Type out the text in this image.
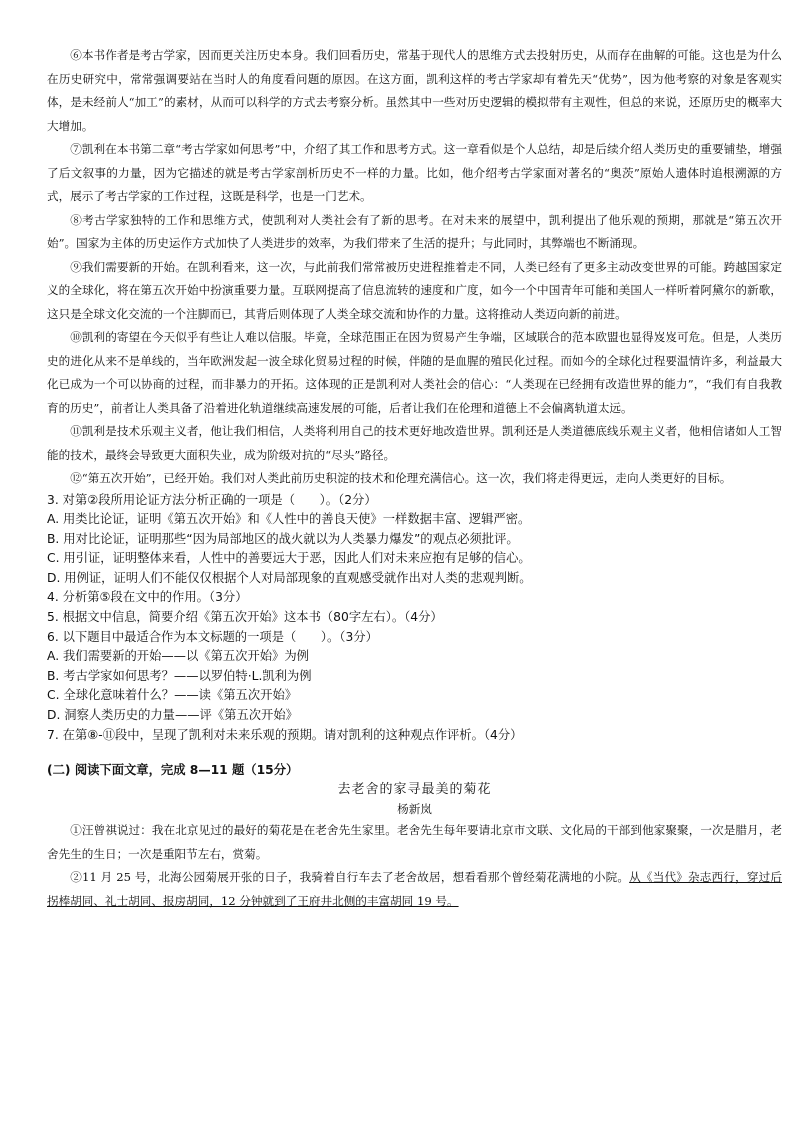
⑥本书作者是考古学家，因而更关注历史本身。我们回看历史，常基于现代人的思维方式去投射历史，从而存在曲解的可能。这也是为什么在历史研究中，常常强调要站在当时人的角度看问题的原因。在这方面，凯利这样的考古学家却有着先天“优势”，因为他考察的对象是客观实体，是未经前人“加工”的素材，从而可以科学的方式去考察分析。虽然其中一些对历史逻辑的模拟带有主观性，但总的来说，还原历史的概率大大增加。

⑦凯利在本书第二章“考古学家如何思考”中，介绍了其工作和思考方式。这一章看似是个人总结，却是后续介绍人类历史的重要铺垫，增强了后文叙事的力量，因为它描述的就是考古学家剖析历史不一样的力量。比如，他介绍考古学家面对著名的“奥茨”原始人遗体时追根溯源的方式，展示了考古学家的工作过程，这既是科学，也是一门艺术。

⑧考古学家独特的工作和思维方式，使凯利对人类社会有了新的思考。在对未来的展望中，凯利提出了他乐观的预期，那就是“第五次开始”。国家为主体的历史运作方式加快了人类进步的效率，为我们带来了生活的提升；与此同时，其弊端也不断涌现。

⑨我们需要新的开始。在凯利看来，这一次，与此前我们常常被历史进程推着走不同，人类已经有了更多主动改变世界的可能。跨越国家定义的全球化，将在第五次开始中扮演重要力量。互联网提高了信息流转的速度和广度，如今一个中国青年可能和美国人一样听着阿黛尔的新歌，这只是全球文化交流的一个注脚而已，其背后则体现了人类全球交流和协作的力量。这将推动人类迈向新的前进。

⑩凯利的寄望在今天似乎有些让人难以信服。毕竟，全球范围正在因为贸易产生争端，区域联合的范本欧盟也显得岌岌可危。但是，人类历史的进化从来不是单线的，当年欧洲发起一波全球化贸易过程的时候，伴随的是血腥的殖民化过程。而如今的全球化过程要温情许多，利益最大化已成为一个可以协商的过程，而非暴力的开拓。这体现的正是凯利对人类社会的信心：“人类现在已经拥有改造世界的能力”，“我们有自我教育的历史”，前者让人类具备了沿着进化轨道继续高速发展的可能，后者让我们在伦理和道德上不会偏离轨道太远。

⑪凯利是技术乐观主义者，他让我们相信，人类将利用自己的技术更好地改造世界。凯利还是人类道德底线乐观主义者，他相信诸如人工智能的技术，最终会导致更大面积失业，成为阶级对抗的“尽头”路径。

⑫“第五次开始”，已经开始。我们对人类此前历史积淀的技术和伦理充满信心。这一次，我们将走得更远，走向人类更好的目标。

3. 对第②段所用论证方法分析正确的一项是（　　）。（2分）

A. 用类比论证，证明《第五次开始》和《人性中的善良天使》一样数据丰富、逻辑严密。

B. 用对比论证，证明那些“因为局部地区的战火就以为人类暴力爆发”的观点必须批评。

C. 用引证，证明整体来看，人性中的善要远大于恶，因此人们对未来应抱有足够的信心。

D. 用例证，证明人们不能仅仅根据个人对局部现象的直观感受就作出对人类的悲观判断。

4. 分析第⑤段在文中的作用。（3分）

5. 根据文中信息，简要介绍《第五次开始》这本书（80字左右）。（4分）

6. 以下题目中最适合作为本文标题的一项是（　　）。（3分）

A. 我们需要新的开始——以《第五次开始》为例

B. 考古学家如何思考？——以罗伯特·L.凯利为例

C. 全球化意味着什么？——读《第五次开始》

D. 洞察人类历史的力量——评《第五次开始》

7. 在第⑧-⑪段中，呈现了凯利对未来乐观的预期。请对凯利的这种观点作评析。（4分）

(二) 阅读下面文章，完成 8—11 题（15分）

去老舍的家寻最美的菊花

杨新岚

①汪曾祺说过：我在北京见过的最好的菊花是在老舍先生家里。老舍先生每年要请北京市文联、文化局的干部到他家聚聚，一次是腊月，老舍先生的生日；一次是重阳节左右，赏菊。

②11 月 25 号，北海公园菊展开张的日子，我骑着自行车去了老舍故居，想看看那个曾经菊花满地的小院。从《当代》杂志西行，穿过后拐棒胡同、礼士胡同、报房胡同，12 分钟就到了王府井北侧的丰富胡同 19 号。
